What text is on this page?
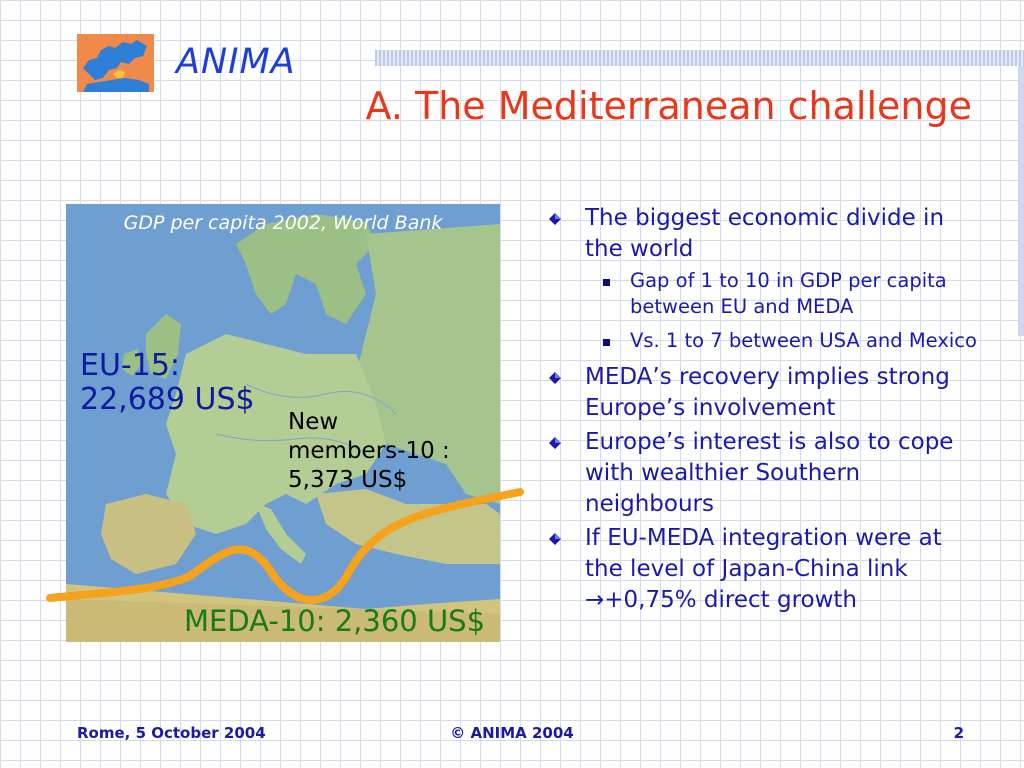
ANIMA
A. The Mediterranean challenge
GDP per capita 2002, World Bank
EU-15:
22,689 US$
New
members-10 :
5,373 US$
MEDA-10: 2,360 US$
The biggest economic divide in the world
Gap of 1 to 10 in GDP per capita between EU and MEDA
Vs. 1 to 7 between USA and Mexico
MEDA’s recovery implies strong Europe’s involvement
Europe’s interest is also to cope with wealthier Southern neighbours
If EU-MEDA integration were at the level of Japan-China link →+0,75% direct growth
Rome, 5 October 2004	© ANIMA 2004	2
